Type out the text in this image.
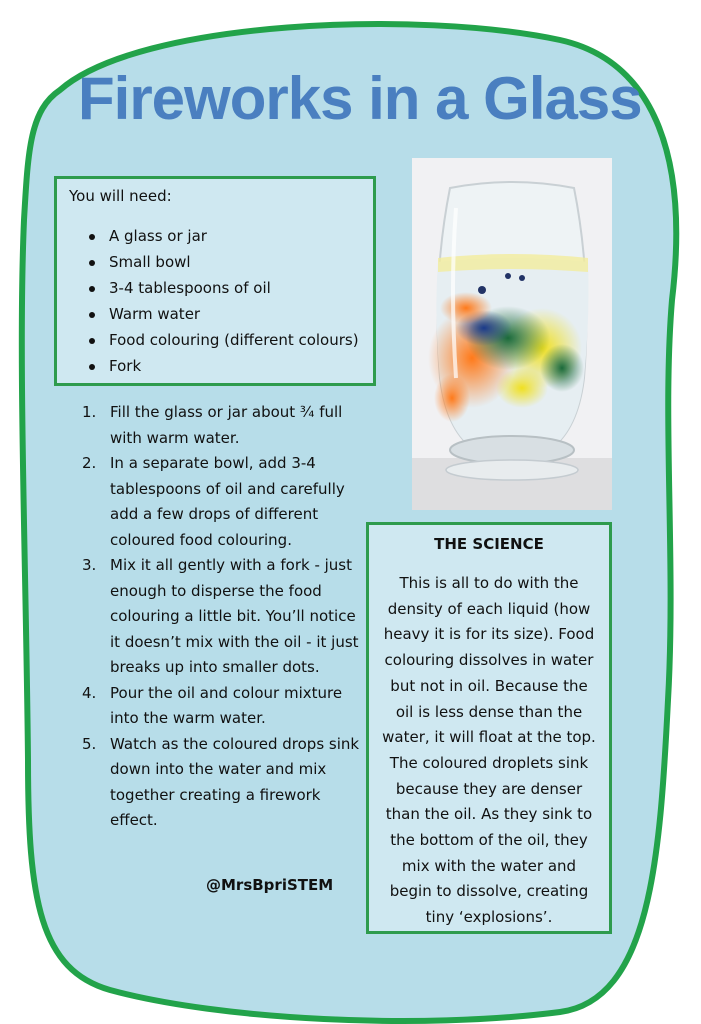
Fireworks in a Glass
You will need:
A glass or jar
Small bowl
3-4 tablespoons of oil
Warm water
Food colouring (different colours)
Fork
1. Fill the glass or jar about ¾ full with warm water.
2. In a separate bowl, add 3-4 tablespoons of oil and carefully add a few drops of different coloured food colouring.
3. Mix it all gently with a fork - just enough to disperse the food colouring a little bit. You’ll notice it doesn’t mix with the oil - it just breaks up into smaller dots.
4. Pour the oil and colour mixture into the warm water.
5. Watch as the coloured drops sink down into the water and mix together creating a firework effect.
@MrsBpriSTEM
THE SCIENCE
This is all to do with the density of each liquid (how heavy it is for its size). Food colouring dissolves in water but not in oil. Because the oil is less dense than the water, it will float at the top. The coloured droplets sink because they are denser than the oil. As they sink to the bottom of the oil, they mix with the water and begin to dissolve, creating tiny ‘explosions’.
